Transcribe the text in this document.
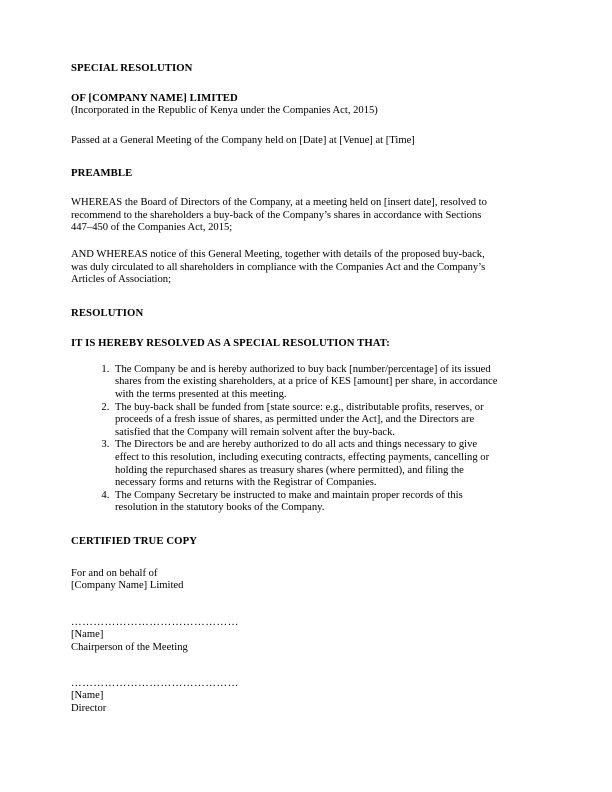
SPECIAL RESOLUTION
OF [COMPANY NAME] LIMITED
(Incorporated in the Republic of Kenya under the Companies Act, 2015)
Passed at a General Meeting of the Company held on [Date] at [Venue] at [Time]
PREAMBLE

WHEREAS the Board of Directors of the Company, at a meeting held on [insert date], resolved to recommend to the shareholders a buy-back of the Company’s shares in accordance with Sections 447–450 of the Companies Act, 2015;

AND WHEREAS notice of this General Meeting, together with details of the proposed buy-back, was duly circulated to all shareholders in compliance with the Companies Act and the Company’s Articles of Association;

RESOLUTION
IT IS HEREBY RESOLVED AS A SPECIAL RESOLUTION THAT:
1. The Company be and is hereby authorized to buy back [number/percentage] of its issued shares from the existing shareholders, at a price of KES [amount] per share, in accordance with the terms presented at this meeting.
2. The buy-back shall be funded from [state source: e.g., distributable profits, reserves, or proceeds of a fresh issue of shares, as permitted under the Act], and the Directors are satisfied that the Company will remain solvent after the buy-back.
3. The Directors be and are hereby authorized to do all acts and things necessary to give effect to this resolution, including executing contracts, effecting payments, cancelling or holding the repurchased shares as treasury shares (where permitted), and filing the necessary forms and returns with the Registrar of Companies.
4. The Company Secretary be instructed to make and maintain proper records of this resolution in the statutory books of the Company.
CERTIFIED TRUE COPY
For and on behalf of
[Company Name] Limited
………………………………………
[Name]
Chairperson of the Meeting
………………………………………
[Name]
Director
